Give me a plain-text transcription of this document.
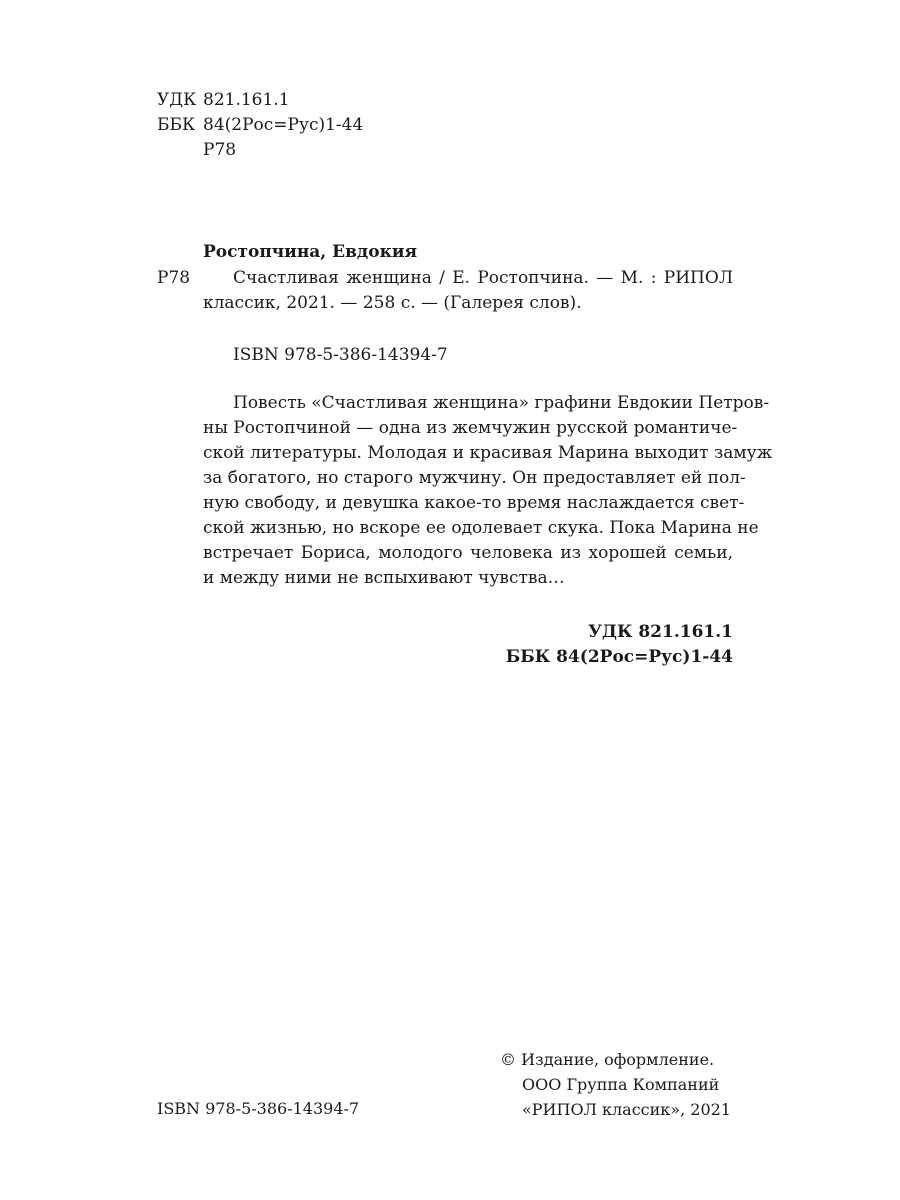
УДК 821.161.1
ББК 84(2Рос=Рус)1-44
Р78
Ростопчина, Евдокия
Р78	Счастливая женщина / Е. Ростопчина. — М. : РИПОЛ
классик, 2021. — 258 с. — (Галерея слов).
ISBN 978-5-386-14394-7
Повесть «Счастливая женщина» графини Евдокии Петров-
ны Ростопчиной — одна из жемчужин русской романтиче-
ской литературы. Молодая и красивая Марина выходит замуж
за богатого, но старого мужчину. Он предоставляет ей пол-
ную свободу, и девушка какое-то время наслаждается свет-
ской жизнью, но вскоре ее одолевает скука. Пока Марина не
встречает Бориса, молодого человека из хорошей семьи,
и между ними не вспыхивают чувства…
УДК 821.161.1
ББК 84(2Рос=Рус)1-44
© Издание, оформление.
ООО Группа Компаний
«РИПОЛ классик», 2021
ISBN 978-5-386-14394-7
